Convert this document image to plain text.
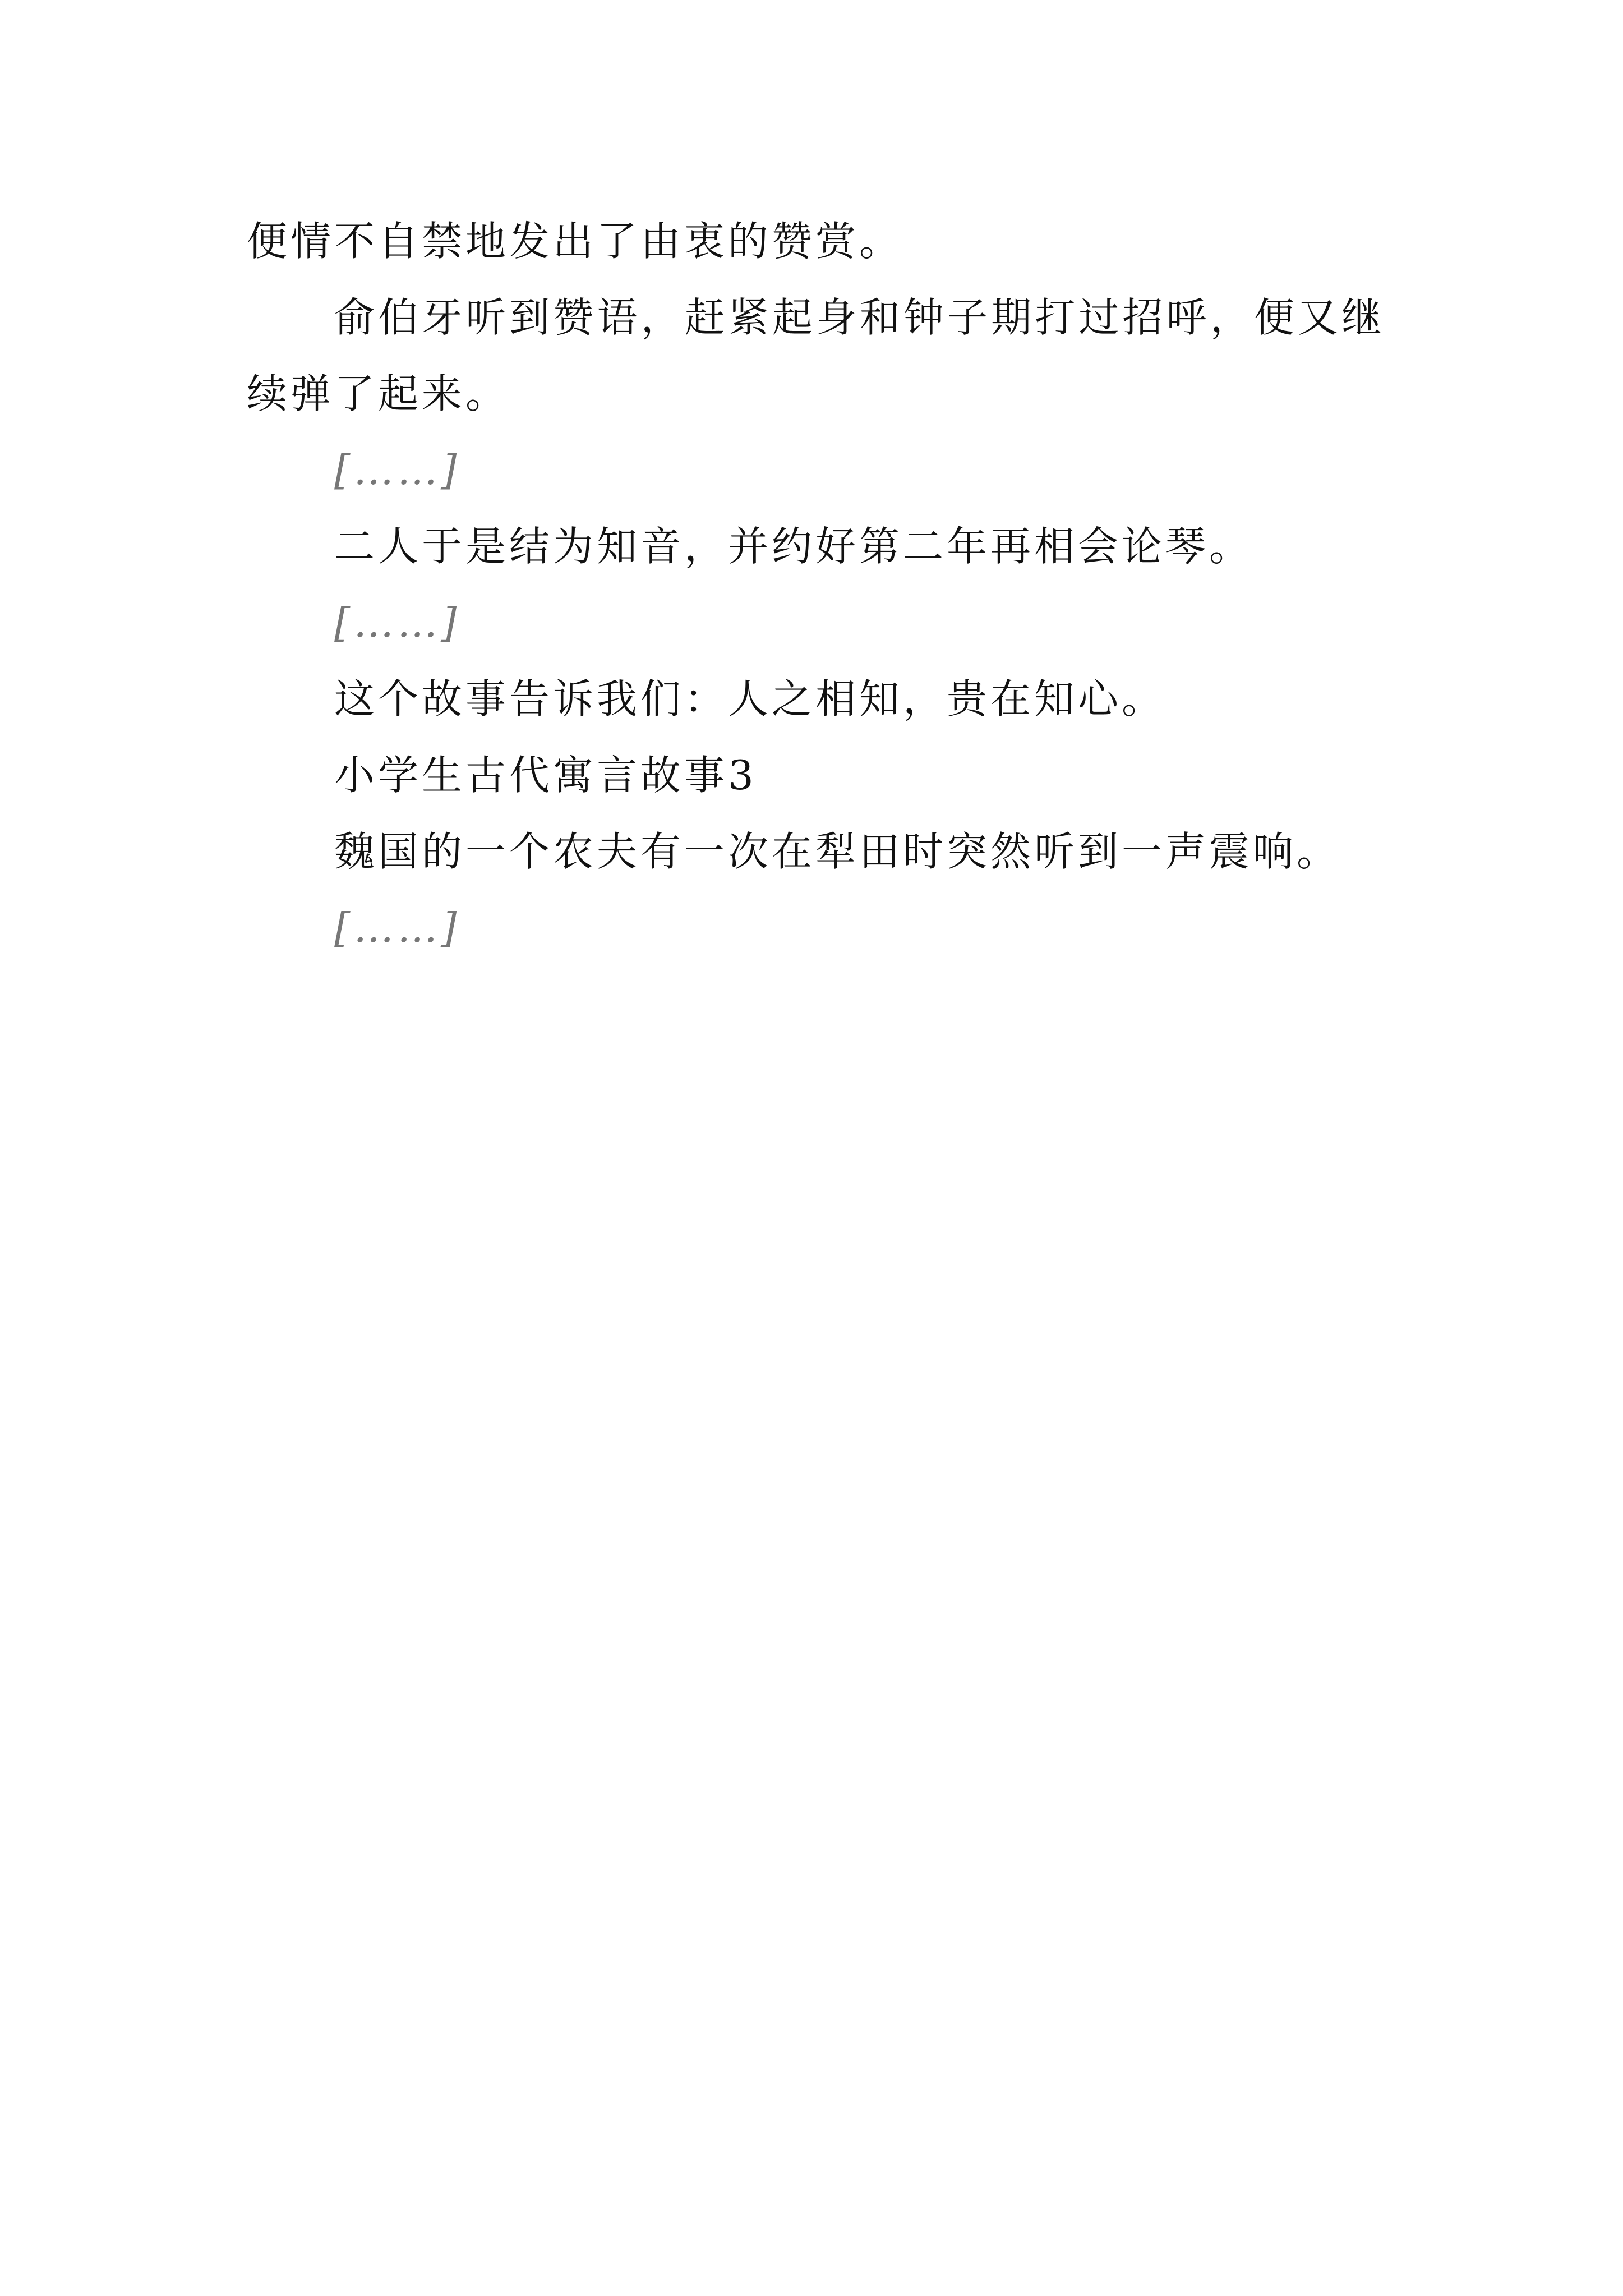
便情不自禁地发出了由衷的赞赏。

俞伯牙听到赞语，赶紧起身和钟子期打过招呼，便又继续弹了起来。

[……]

二人于是结为知音，并约好第二年再相会论琴。

[……]

这个故事告诉我们：人之相知，贵在知心。

小学生古代寓言故事3

魏国的一个农夫有一次在犁田时突然听到一声震响。

[……]
